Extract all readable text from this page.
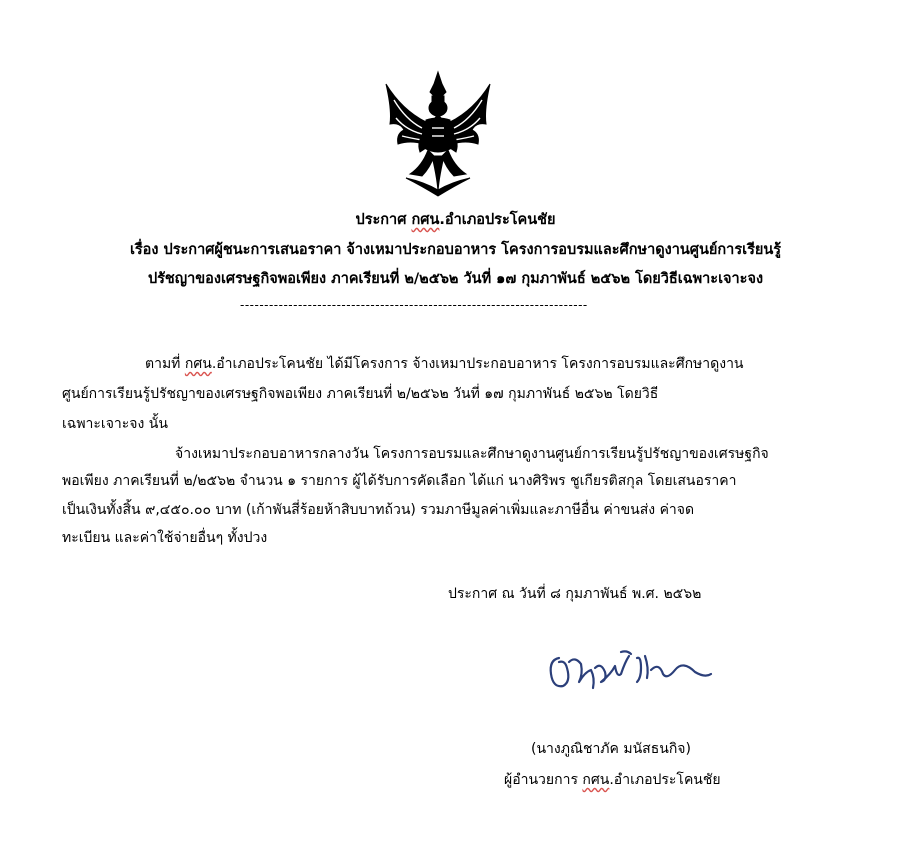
ประกาศ กศน.อำเภอประโคนชัย
เรื่อง ประกาศผู้ชนะการเสนอราคา จ้างเหมาประกอบอาหาร โครงการอบรมและศึกษาดูงานศูนย์การเรียนรู้
ปรัชญาของเศรษฐกิจพอเพียง ภาคเรียนที่ ๒/๒๕๖๒ วันที่ ๑๗ กุมภาพันธ์ ๒๕๖๒ โดยวิธีเฉพาะเจาะจง
------------------------------------------------------------------------
ตามที่ กศน.อำเภอประโคนชัย ได้มีโครงการ จ้างเหมาประกอบอาหาร โครงการอบรมและศึกษาดูงาน
ศูนย์การเรียนรู้ปรัชญาของเศรษฐกิจพอเพียง ภาคเรียนที่ ๒/๒๕๖๒ วันที่ ๑๗ กุมภาพันธ์ ๒๕๖๒ โดยวิธี
เฉพาะเจาะจง นั้น
จ้างเหมาประกอบอาหารกลางวัน โครงการอบรมและศึกษาดูงานศูนย์การเรียนรู้ปรัชญาของเศรษฐกิจ
พอเพียง ภาคเรียนที่ ๒/๒๕๖๒ จำนวน ๑ รายการ ผู้ได้รับการคัดเลือก ได้แก่ นางศิริพร ชูเกียรติสกุล โดยเสนอราคา
เป็นเงินทั้งสิ้น ๙,๔๕๐.๐๐ บาท (เก้าพันสี่ร้อยห้าสิบบาทถ้วน) รวมภาษีมูลค่าเพิ่มและภาษีอื่น ค่าขนส่ง ค่าจด
ทะเบียน และค่าใช้จ่ายอื่นๆ ทั้งปวง
ประกาศ ณ วันที่ ๘ กุมภาพันธ์ พ.ศ. ๒๕๖๒
(นางภูณิชาภัค มนัสธนกิจ)
ผู้อำนวยการ กศน.อำเภอประโคนชัย
